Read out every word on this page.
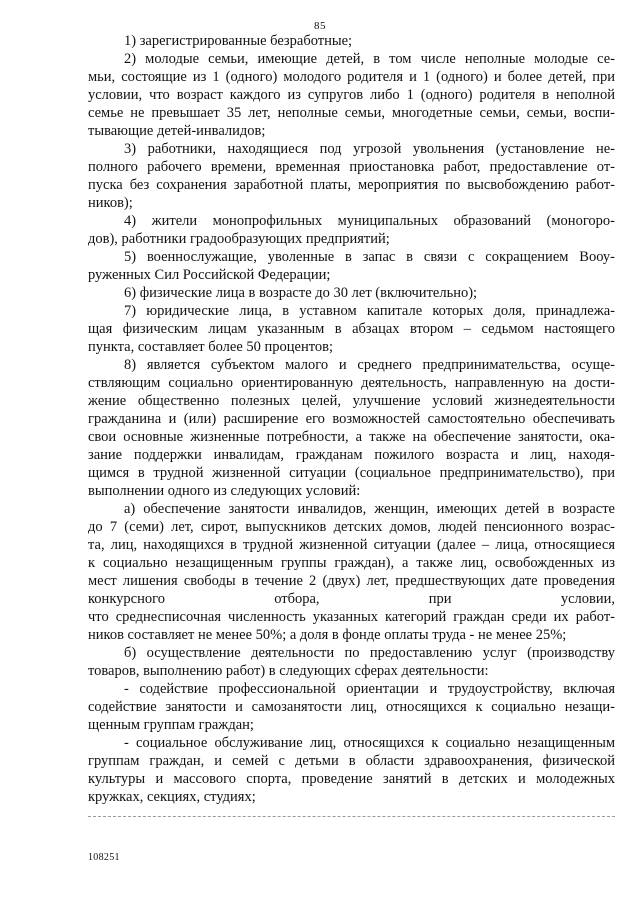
85
1) зарегистрированные безработные;
2) молодые семьи, имеющие детей, в том числе неполные молодые се-
мьи, состоящие из 1 (одного) молодого родителя и 1 (одного) и более детей, при
условии, что возраст каждого из супругов либо 1 (одного) родителя в неполной
семье не превышает 35 лет, неполные семьи, многодетные семьи, семьи, воспи-
тывающие детей-инвалидов;
3) работники, находящиеся под угрозой увольнения (установление не-
полного рабочего времени, временная приостановка работ, предоставление от-
пуска без сохранения заработной платы, мероприятия по высвобождению работ-
ников);
4) жители монопрофильных муниципальных образований (моногоро-
дов), работники градообразующих предприятий;
5) военнослужащие, уволенные в запас в связи с сокращением Вооу-
руженных Сил Российской Федерации;
6) физические лица в возрасте до 30 лет (включительно);
7) юридические лица, в уставном капитале которых доля, принадлежа-
щая физическим лицам указанным в абзацах втором – седьмом настоящего
пункта, составляет более 50 процентов;
8) является субъектом малого и среднего предпринимательства, осуще-
ствляющим социально ориентированную деятельность, направленную на дости-
жение общественно полезных целей, улучшение условий жизнедеятельности
гражданина и (или) расширение его возможностей самостоятельно обеспечивать
свои основные жизненные потребности, а также на обеспечение занятости, ока-
зание поддержки инвалидам, гражданам пожилого возраста и лиц, находя-
щимся в трудной жизненной ситуации (социальное предпринимательство), при
выполнении одного из следующих условий:
а) обеспечение занятости инвалидов, женщин, имеющих детей в возрасте
до 7 (семи) лет, сирот, выпускников детских домов, людей пенсионного возрас-
та, лиц, находящихся в трудной жизненной ситуации (далее – лица, относящиеся
к социально незащищенным группы граждан), а также лиц, освобожденных из
мест лишения свободы в течение 2 (двух) лет, предшествующих дате проведения
конкурсного отбора, при условии,
что среднесписочная численность указанных категорий граждан среди их работ-
ников составляет не менее 50%; а доля в фонде оплаты труда - не менее 25%;
б) осуществление деятельности по предоставлению услуг (производству
товаров, выполнению работ) в следующих сферах деятельности:
- содействие профессиональной ориентации и трудоустройству, включая
содействие занятости и самозанятости лиц, относящихся к социально незащи-
щенным группам граждан;
- социальное обслуживание лиц, относящихся к социально незащищенным
группам граждан, и семей с детьми в области здравоохранения, физической
культуры и массового спорта, проведение занятий в детских и молодежных
кружках, секциях, студиях;
108251
